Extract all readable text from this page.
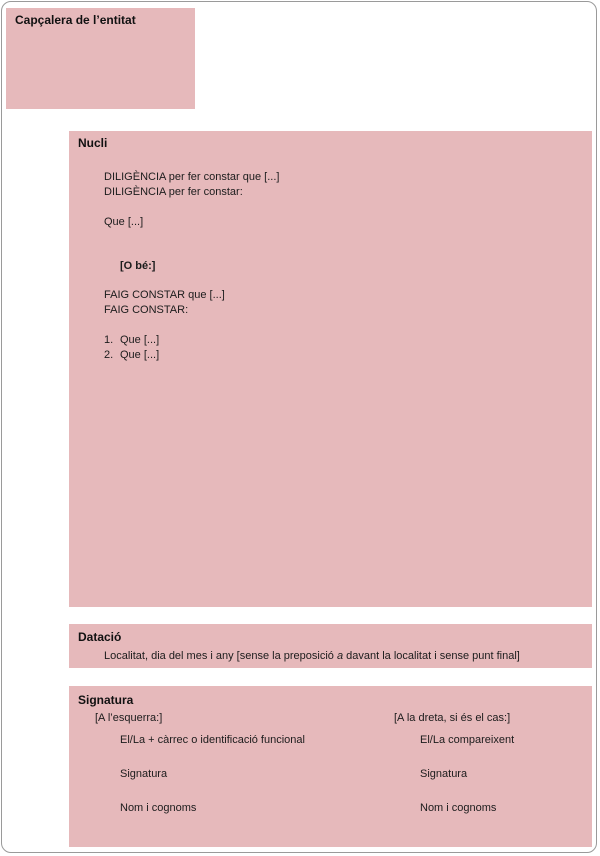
Capçalera de l’entitat
Nucli
DILIGÈNCIA per fer constar que [...]
DILIGÈNCIA per fer constar:
Que [...]
[O bé:]
FAIG CONSTAR que [...]
FAIG CONSTAR:
1. Que [...]
2. Que [...]
Datació
Localitat, dia del mes i any [sense la preposició a davant la localitat i sense punt final]
Signatura
[A l’esquerra:]
El/La + càrrec o identificació funcional
Signatura
Nom i cognoms
[A la dreta, si és el cas:]
El/La compareixent
Signatura
Nom i cognoms
